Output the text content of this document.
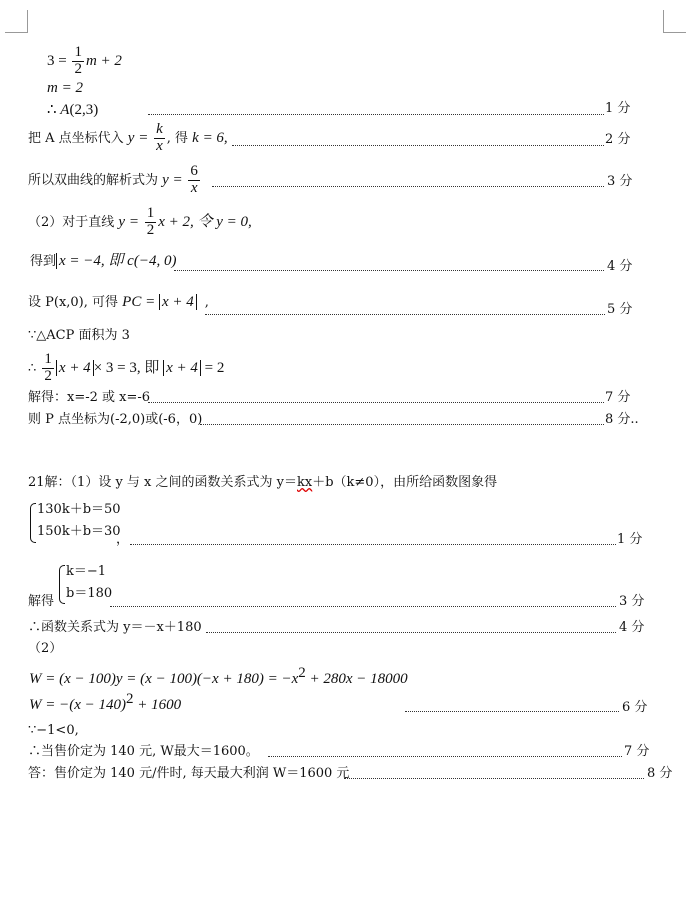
$3 = \frac{1}{2}$ m + 2
m = 2
∴ A(2,3)	1 分
把 A 点坐标代入 $y = \frac{k}{x}$ , 得 k = 6,	2 分
所以双曲线的解析式为 $y = \frac{6}{x}$	3 分
（2）对于直线 $y = \frac{1}{2}$ x + 2, 令 y = 0,
得到 x = −4, 即 c(−4, 0)	4 分
设 P(x,0), 可得 PC = x + 4 ,	5 分
∵△ACP 面积为 3
∴ $\frac{1}{2}$ x + 4 × 3 = 3, 即 x + 4 = 2
解得：x=-2 或 x=-6	7 分
则 P 点坐标为(-2,0)或(-6，0)	8 分..
21解：（1）设 y 与 x 之间的函数关系式为 y＝kx＋b（k≠0），由所给函数图象得
130k＋b＝50
150k＋b＝30
，	1 分
k＝−1
解得
b＝180
3 分
∴函数关系式为 y＝－x＋180	4 分
（2）
$W = (x - 100)y = (x - 100)(-x + 180) = -x^2 + 280x - 18000$
$W = -(x - 140)^2 + 1600$	6 分
∵−1<0,
∴当售价定为 140 元, W最大＝1600。	7 分
答：售价定为 140 元/件时, 每天最大利润 W＝1600 元	8 分
